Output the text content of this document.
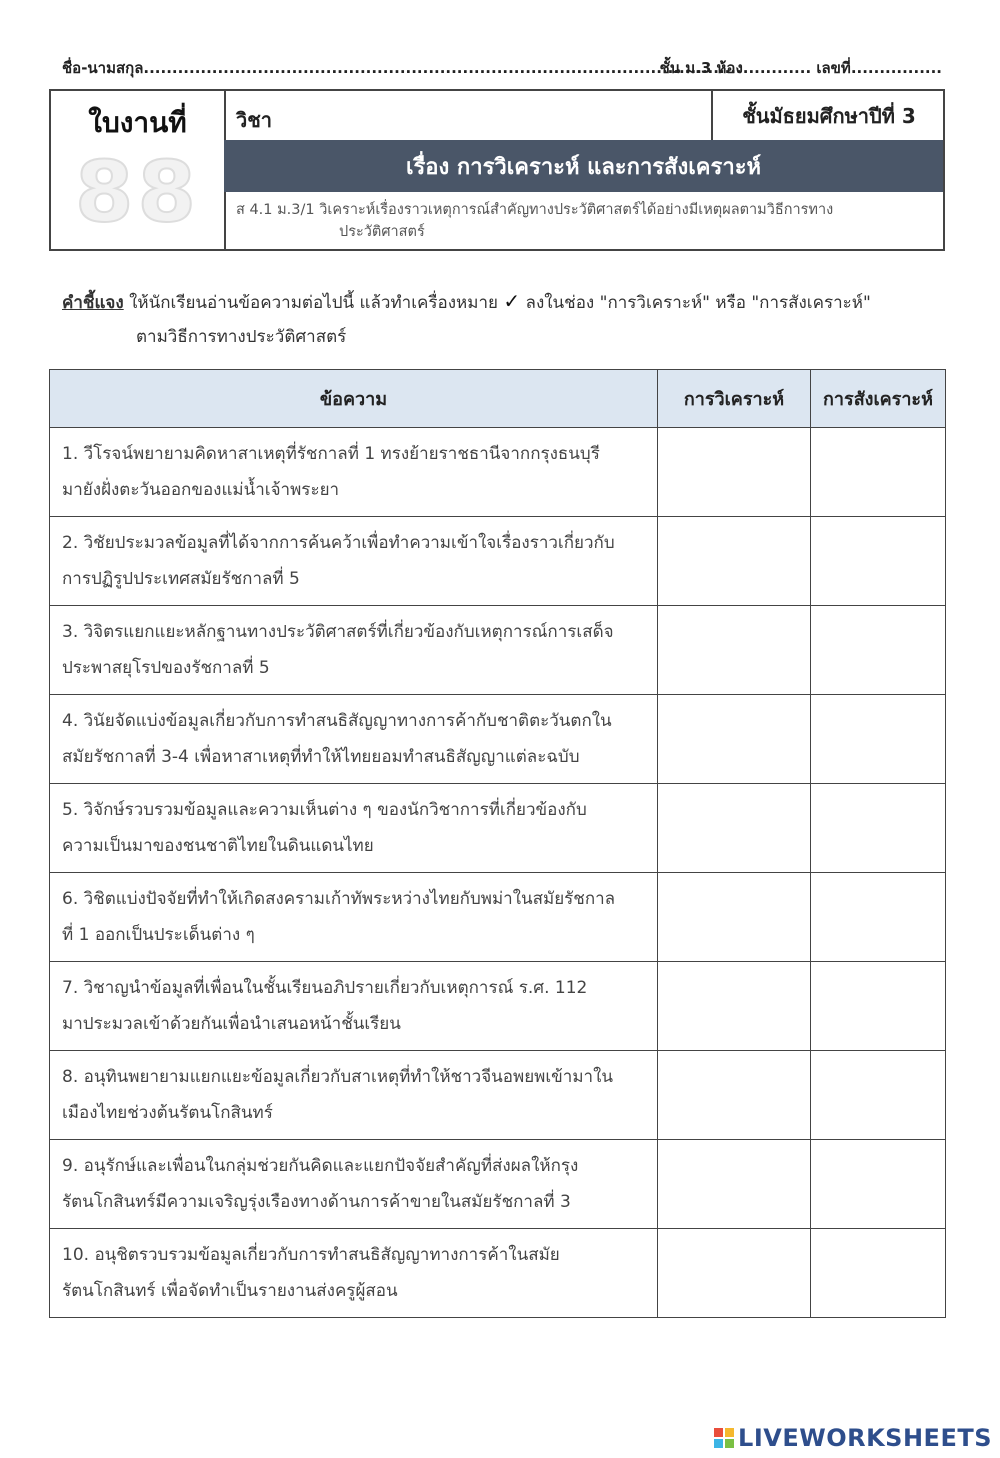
ชื่อ-นามสกุล.........................................................................................................
ชั้น ม.3 ห้อง............ เลขที่................
ใบงานที่
88
วิชา	ชั้นมัธยมศึกษาปีที่ 3
เรื่อง การวิเคราะห์ และการสังเคราะห์
ส 4.1 ม.3/1 วิเคราะห์เรื่องราวเหตุการณ์สำคัญทางประวัติศาสตร์ได้อย่างมีเหตุผลตามวิธีการทาง
ประวัติศาสตร์
คำชี้แจง ให้นักเรียนอ่านข้อความต่อไปนี้ แล้วทำเครื่องหมาย ✓ ลงในช่อง "การวิเคราะห์" หรือ "การสังเคราะห์"
ตามวิธีการทางประวัติศาสตร์
ข้อความ	การวิเคราะห์	การสังเคราะห์
1. วีโรจน์พยายามคิดหาสาเหตุที่รัชกาลที่ 1 ทรงย้ายราชธานีจากกรุงธนบุรี
มายังฝั่งตะวันออกของแม่น้ำเจ้าพระยา		
2. วิชัยประมวลข้อมูลที่ได้จากการค้นคว้าเพื่อทำความเข้าใจเรื่องราวเกี่ยวกับ
การปฏิรูปประเทศสมัยรัชกาลที่ 5		
3. วิจิตรแยกแยะหลักฐานทางประวัติศาสตร์ที่เกี่ยวข้องกับเหตุการณ์การเสด็จ
ประพาสยุโรปของรัชกาลที่ 5		
4. วินัยจัดแบ่งข้อมูลเกี่ยวกับการทำสนธิสัญญาทางการค้ากับชาติตะวันตกใน
สมัยรัชกาลที่ 3-4 เพื่อหาสาเหตุที่ทำให้ไทยยอมทำสนธิสัญญาแต่ละฉบับ		
5. วิจักษ์รวบรวมข้อมูลและความเห็นต่าง ๆ ของนักวิชาการที่เกี่ยวข้องกับ
ความเป็นมาของชนชาติไทยในดินแดนไทย		
6. วิชิตแบ่งปัจจัยที่ทำให้เกิดสงครามเก้าทัพระหว่างไทยกับพม่าในสมัยรัชกาล
ที่ 1 ออกเป็นประเด็นต่าง ๆ		
7. วิชาญนำข้อมูลที่เพื่อนในชั้นเรียนอภิปรายเกี่ยวกับเหตุการณ์ ร.ศ. 112
มาประมวลเข้าด้วยกันเพื่อนำเสนอหน้าชั้นเรียน		
8. อนุทินพยายามแยกแยะข้อมูลเกี่ยวกับสาเหตุที่ทำให้ชาวจีนอพยพเข้ามาใน
เมืองไทยช่วงต้นรัตนโกสินทร์		
9. อนุรักษ์และเพื่อนในกลุ่มช่วยกันคิดและแยกปัจจัยสำคัญที่ส่งผลให้กรุง
รัตนโกสินทร์มีความเจริญรุ่งเรืองทางด้านการค้าขายในสมัยรัชกาลที่ 3		
10. อนุชิตรวบรวมข้อมูลเกี่ยวกับการทำสนธิสัญญาทางการค้าในสมัย
รัตนโกสินทร์ เพื่อจัดทำเป็นรายงานส่งครูผู้สอน		
LIVEWORKSHEETS
